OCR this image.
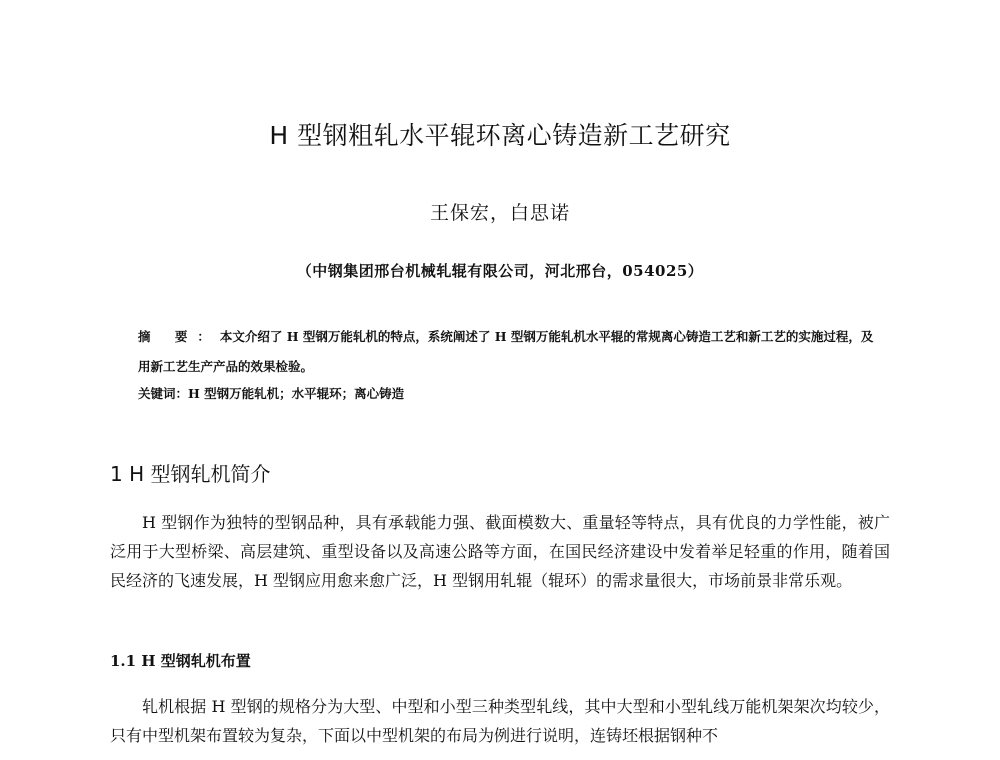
H 型钢粗轧水平辊环离心铸造新工艺研究
王保宏，白思诺
（中钢集团邢台机械轧辊有限公司，河北邢台，054025）
摘 要：本文介绍了 H 型钢万能轧机的特点，系统阐述了 H 型钢万能轧机水平辊的常规离心铸造工艺和新工艺的实施过程，及用新工艺生产产品的效果检验。
关键词：H 型钢万能轧机；水平辊环；离心铸造
1 H 型钢轧机简介
H 型钢作为独特的型钢品种，具有承载能力强、截面模数大、重量轻等特点，具有优良的力学性能，被广泛用于大型桥梁、高层建筑、重型设备以及高速公路等方面，在国民经济建设中发着举足轻重的作用，随着国民经济的飞速发展，H 型钢应用愈来愈广泛，H 型钢用轧辊（辊环）的需求量很大，市场前景非常乐观。
1.1 H 型钢轧机布置
轧机根据 H 型钢的规格分为大型、中型和小型三种类型轧线，其中大型和小型轧线万能机架架次均较少，只有中型机架布置较为复杂，下面以中型机架的布局为例进行说明，连铸坯根据钢种不
